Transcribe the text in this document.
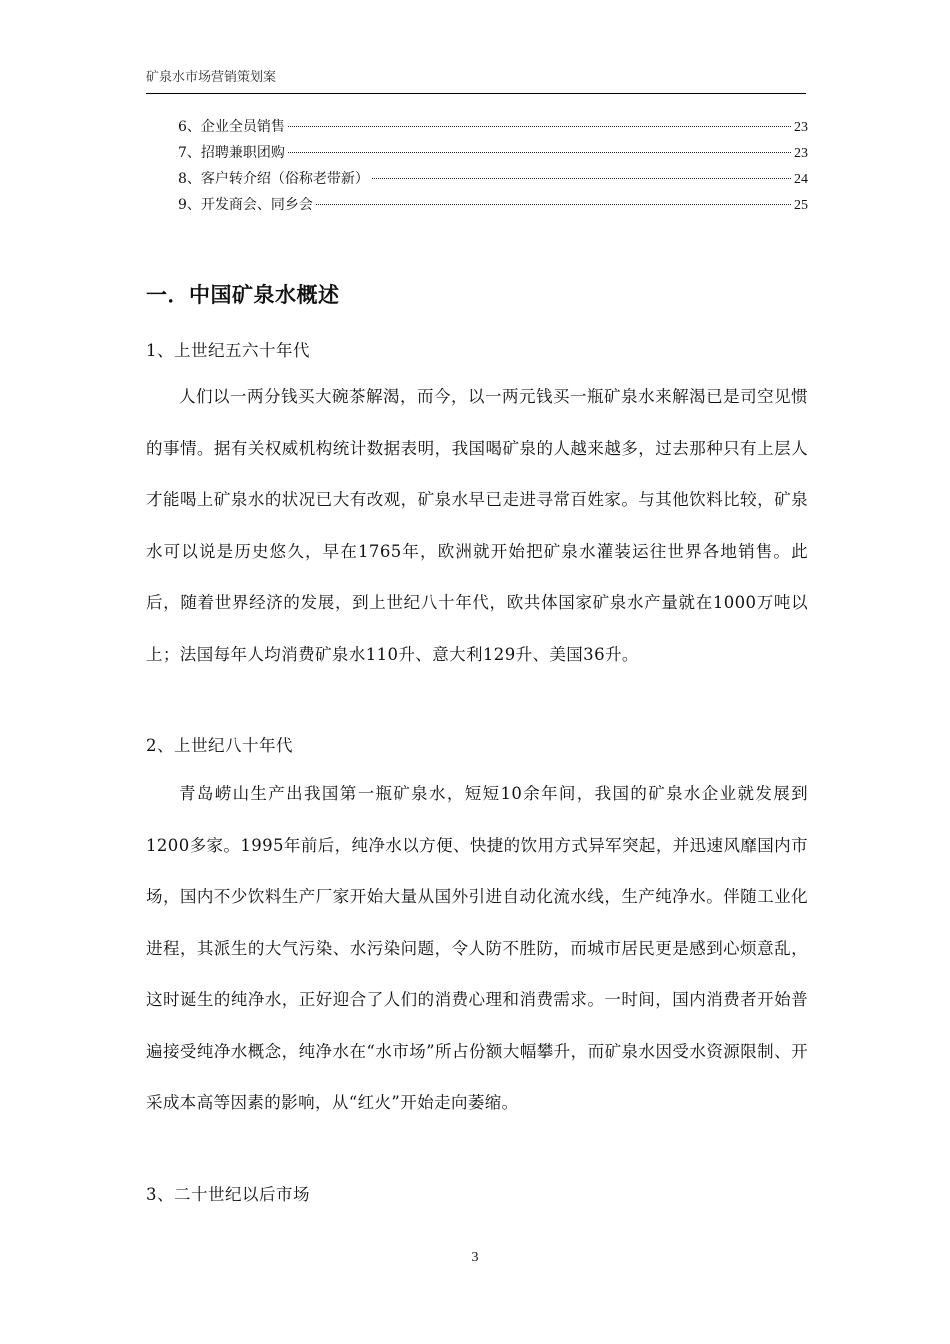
矿泉水市场营销策划案
6、企业全员销售	23
7、招聘兼职团购	23
8、客户转介绍（俗称老带新）	24
9、开发商会、同乡会	25
一．中国矿泉水概述
1、上世纪五六十年代

人们以一两分钱买大碗茶解渴，而今，以一两元钱买一瓶矿泉水来解渴已是司空见惯的事情。据有关权威机构统计数据表明，我国喝矿泉的人越来越多，过去那种只有上层人才能喝上矿泉水的状况已大有改观，矿泉水早已走进寻常百姓家。与其他饮料比较，矿泉水可以说是历史悠久，早在1765年，欧洲就开始把矿泉水灌装运往世界各地销售。此后，随着世界经济的发展，到上世纪八十年代，欧共体国家矿泉水产量就在1000万吨以上；法国每年人均消费矿泉水110升、意大利129升、美国36升。

2、上世纪八十年代

青岛崂山生产出我国第一瓶矿泉水，短短10余年间，我国的矿泉水企业就发展到1200多家。1995年前后，纯净水以方便、快捷的饮用方式异军突起，并迅速风靡国内市场，国内不少饮料生产厂家开始大量从国外引进自动化流水线，生产纯净水。伴随工业化进程，其派生的大气污染、水污染问题，令人防不胜防，而城市居民更是感到心烦意乱，这时诞生的纯净水，正好迎合了人们的消费心理和消费需求。一时间，国内消费者开始普遍接受纯净水概念，纯净水在“水市场”所占份额大幅攀升，而矿泉水因受水资源限制、开采成本高等因素的影响，从“红火”开始走向萎缩。

3、二十世纪以后市场
3
